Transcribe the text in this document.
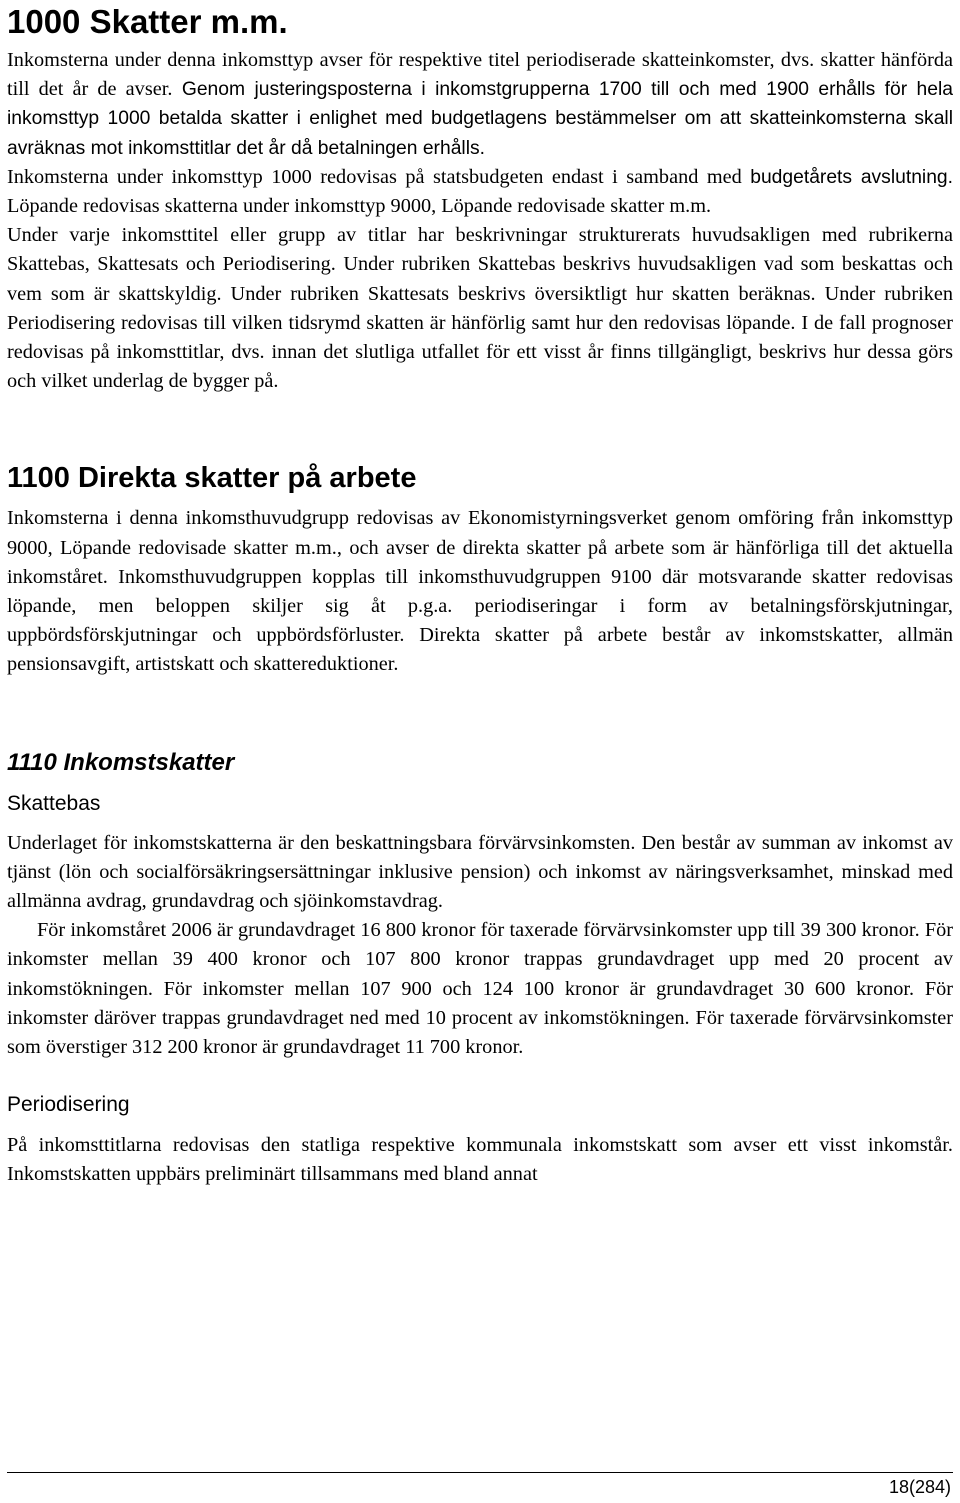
1000 Skatter m.m.

Inkomsterna under denna inkomsttyp avser för respektive titel periodiserade skatteinkomster, dvs. skatter hänförda till det år de avser. Genom justeringsposterna i inkomstgrupperna 1700 till och med 1900 erhålls för hela inkomsttyp 1000 betalda skatter i enlighet med budgetlagens bestämmelser om att skatteinkomsterna skall avräknas mot inkomsttitlar det år då betalningen erhålls.

Inkomsterna under inkomsttyp 1000 redovisas på statsbudgeten endast i samband med budgetårets avslutning. Löpande redovisas skatterna under inkomsttyp 9000, Löpande redovisade skatter m.m.

Under varje inkomsttitel eller grupp av titlar har beskrivningar strukturerats huvudsakligen med rubrikerna Skattebas, Skattesats och Periodisering. Under rubriken Skattebas beskrivs huvudsakligen vad som beskattas och vem som är skattskyldig. Under rubriken Skattesats beskrivs översiktligt hur skatten beräknas. Under rubriken Periodisering redovisas till vilken tidsrymd skatten är hänförlig samt hur den redovisas löpande. I de fall prognoser redovisas på inkomsttitlar, dvs. innan det slutliga utfallet för ett visst år finns tillgängligt, beskrivs hur dessa görs och vilket underlag de bygger på.

1100 Direkta skatter på arbete

Inkomsterna i denna inkomsthuvudgrupp redovisas av Ekonomistyrningsverket genom omföring från inkomsttyp 9000, Löpande redovisade skatter m.m., och avser de direkta skatter på arbete som är hänförliga till det aktuella inkomståret. Inkomsthuvudgruppen kopplas till inkomsthuvudgruppen 9100 där motsvarande skatter redovisas löpande, men beloppen skiljer sig åt p.g.a. periodiseringar i form av betalningsförskjutningar, uppbördsförskjutningar och uppbördsförluster. Direkta skatter på arbete består av inkomstskatter, allmän pensionsavgift, artistskatt och skattereduktioner.

1110 Inkomstskatter
Skattebas

Underlaget för inkomstskatterna är den beskattningsbara förvärvsinkomsten. Den består av summan av inkomst av tjänst (lön och socialförsäkringsersättningar inklusive pension) och inkomst av näringsverksamhet, minskad med allmänna avdrag, grundavdrag och sjöinkomstavdrag.

För inkomståret 2006 är grundavdraget 16 800 kronor för taxerade förvärvsinkomster upp till 39 300 kronor. För inkomster mellan 39 400 kronor och 107 800 kronor trappas grundavdraget upp med 20 procent av inkomstökningen. För inkomster mellan 107 900 och 124 100 kronor är grundavdraget 30 600 kronor. För inkomster däröver trappas grundavdraget ned med 10 procent av inkomstökningen. För taxerade förvärvsinkomster som överstiger 312 200 kronor är grundavdraget 11 700 kronor.

Periodisering

På inkomsttitlarna redovisas den statliga respektive kommunala inkomstskatt som avser ett visst inkomstår. Inkomstskatten uppbärs preliminärt tillsammans med bland annat

18(284)
